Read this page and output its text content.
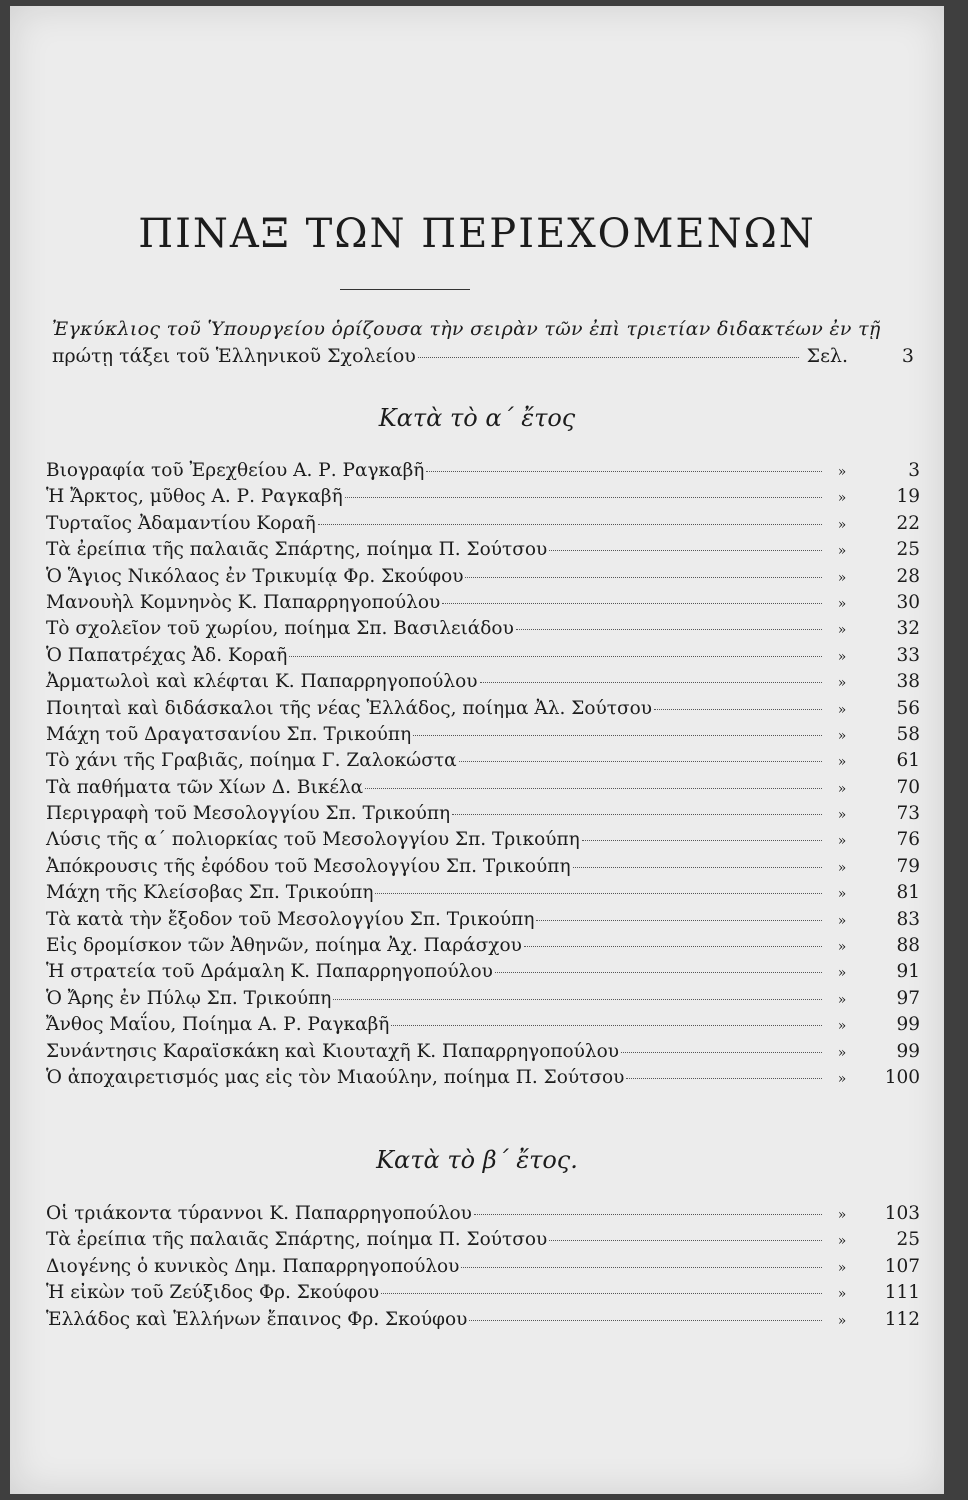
ΠΙΝΑΞ ΤΩΝ ΠΕΡΙΕΧΟΜΕΝΩΝ
Ἐγκύκλιος τοῦ Ὑπουργείου ὁρίζουσα τὴν σειρὰν τῶν ἐπὶ τριετίαν διδακτέων ἐν τῇ
πρώτῃ τάξει τοῦ Ἑλληνικοῦ Σχολείου	Σελ.	3
Κατὰ τὸ α´ ἔτος
Βιογραφία τοῦ Ἐρεχθείου Α. Ρ. Ραγκαβῆ	»	3
Ἡ Ἄρκτος, μῦθος Α. Ρ. Ραγκαβῆ	»	19
Τυρταῖος Ἀδαμαντίου Κοραῆ	»	22
Τὰ ἐρείπια τῆς παλαιᾶς Σπάρτης, ποίημα Π. Σούτσου	»	25
Ὁ Ἅγιος Νικόλαος ἐν Τρικυμίᾳ Φρ. Σκούφου	»	28
Μανουὴλ Κομνηνὸς Κ. Παπαρρηγοπούλου	»	30
Τὸ σχολεῖον τοῦ χωρίου, ποίημα Σπ. Βασιλειάδου	»	32
Ὁ Παπατρέχας Ἀδ. Κοραῆ	»	33
Ἀρματωλοὶ καὶ κλέφται Κ. Παπαρρηγοπούλου	»	38
Ποιηταὶ καὶ διδάσκαλοι τῆς νέας Ἑλλάδος, ποίημα Ἀλ. Σούτσου	»	56
Μάχη τοῦ Δραγατσανίου Σπ. Τρικούπη	»	58
Τὸ χάνι τῆς Γραβιᾶς, ποίημα Γ. Ζαλοκώστα	»	61
Τὰ παθήματα τῶν Χίων Δ. Βικέλα	»	70
Περιγραφὴ τοῦ Μεσολογγίου Σπ. Τρικούπη	»	73
Λύσις τῆς α´ πολιορκίας τοῦ Μεσολογγίου Σπ. Τρικούπη	»	76
Ἀπόκρουσις τῆς ἐφόδου τοῦ Μεσολογγίου Σπ. Τρικούπη	»	79
Μάχη τῆς Κλείσοβας Σπ. Τρικούπη	»	81
Τὰ κατὰ τὴν ἔξοδον τοῦ Μεσολογγίου Σπ. Τρικούπη	»	83
Εἰς δρομίσκον τῶν Ἀθηνῶν, ποίημα Ἀχ. Παράσχου	»	88
Ἡ στρατεία τοῦ Δράμαλη Κ. Παπαρρηγοπούλου	»	91
Ὁ Ἄρης ἐν Πύλῳ Σπ. Τρικούπη	»	97
Ἄνθος Μαΐου, Ποίημα Α. Ρ. Ραγκαβῆ	»	99
Συνάντησις Καραϊσκάκη καὶ Κιουταχῆ Κ. Παπαρρηγοπούλου	»	99
Ὁ ἀποχαιρετισμός μας εἰς τὸν Μιαούλην, ποίημα Π. Σούτσου	»	100
Κατὰ τὸ β´ ἔτος.
Οἱ τριάκοντα τύραννοι Κ. Παπαρρηγοπούλου	»	103
Τὰ ἐρείπια τῆς παλαιᾶς Σπάρτης, ποίημα Π. Σούτσου	»	25
Διογένης ὁ κυνικὸς Δημ. Παπαρρηγοπούλου	»	107
Ἡ εἰκὼν τοῦ Ζεύξιδος Φρ. Σκούφου	»	111
Ἑλλάδος καὶ Ἑλλήνων ἔπαινος Φρ. Σκούφου	»	112
